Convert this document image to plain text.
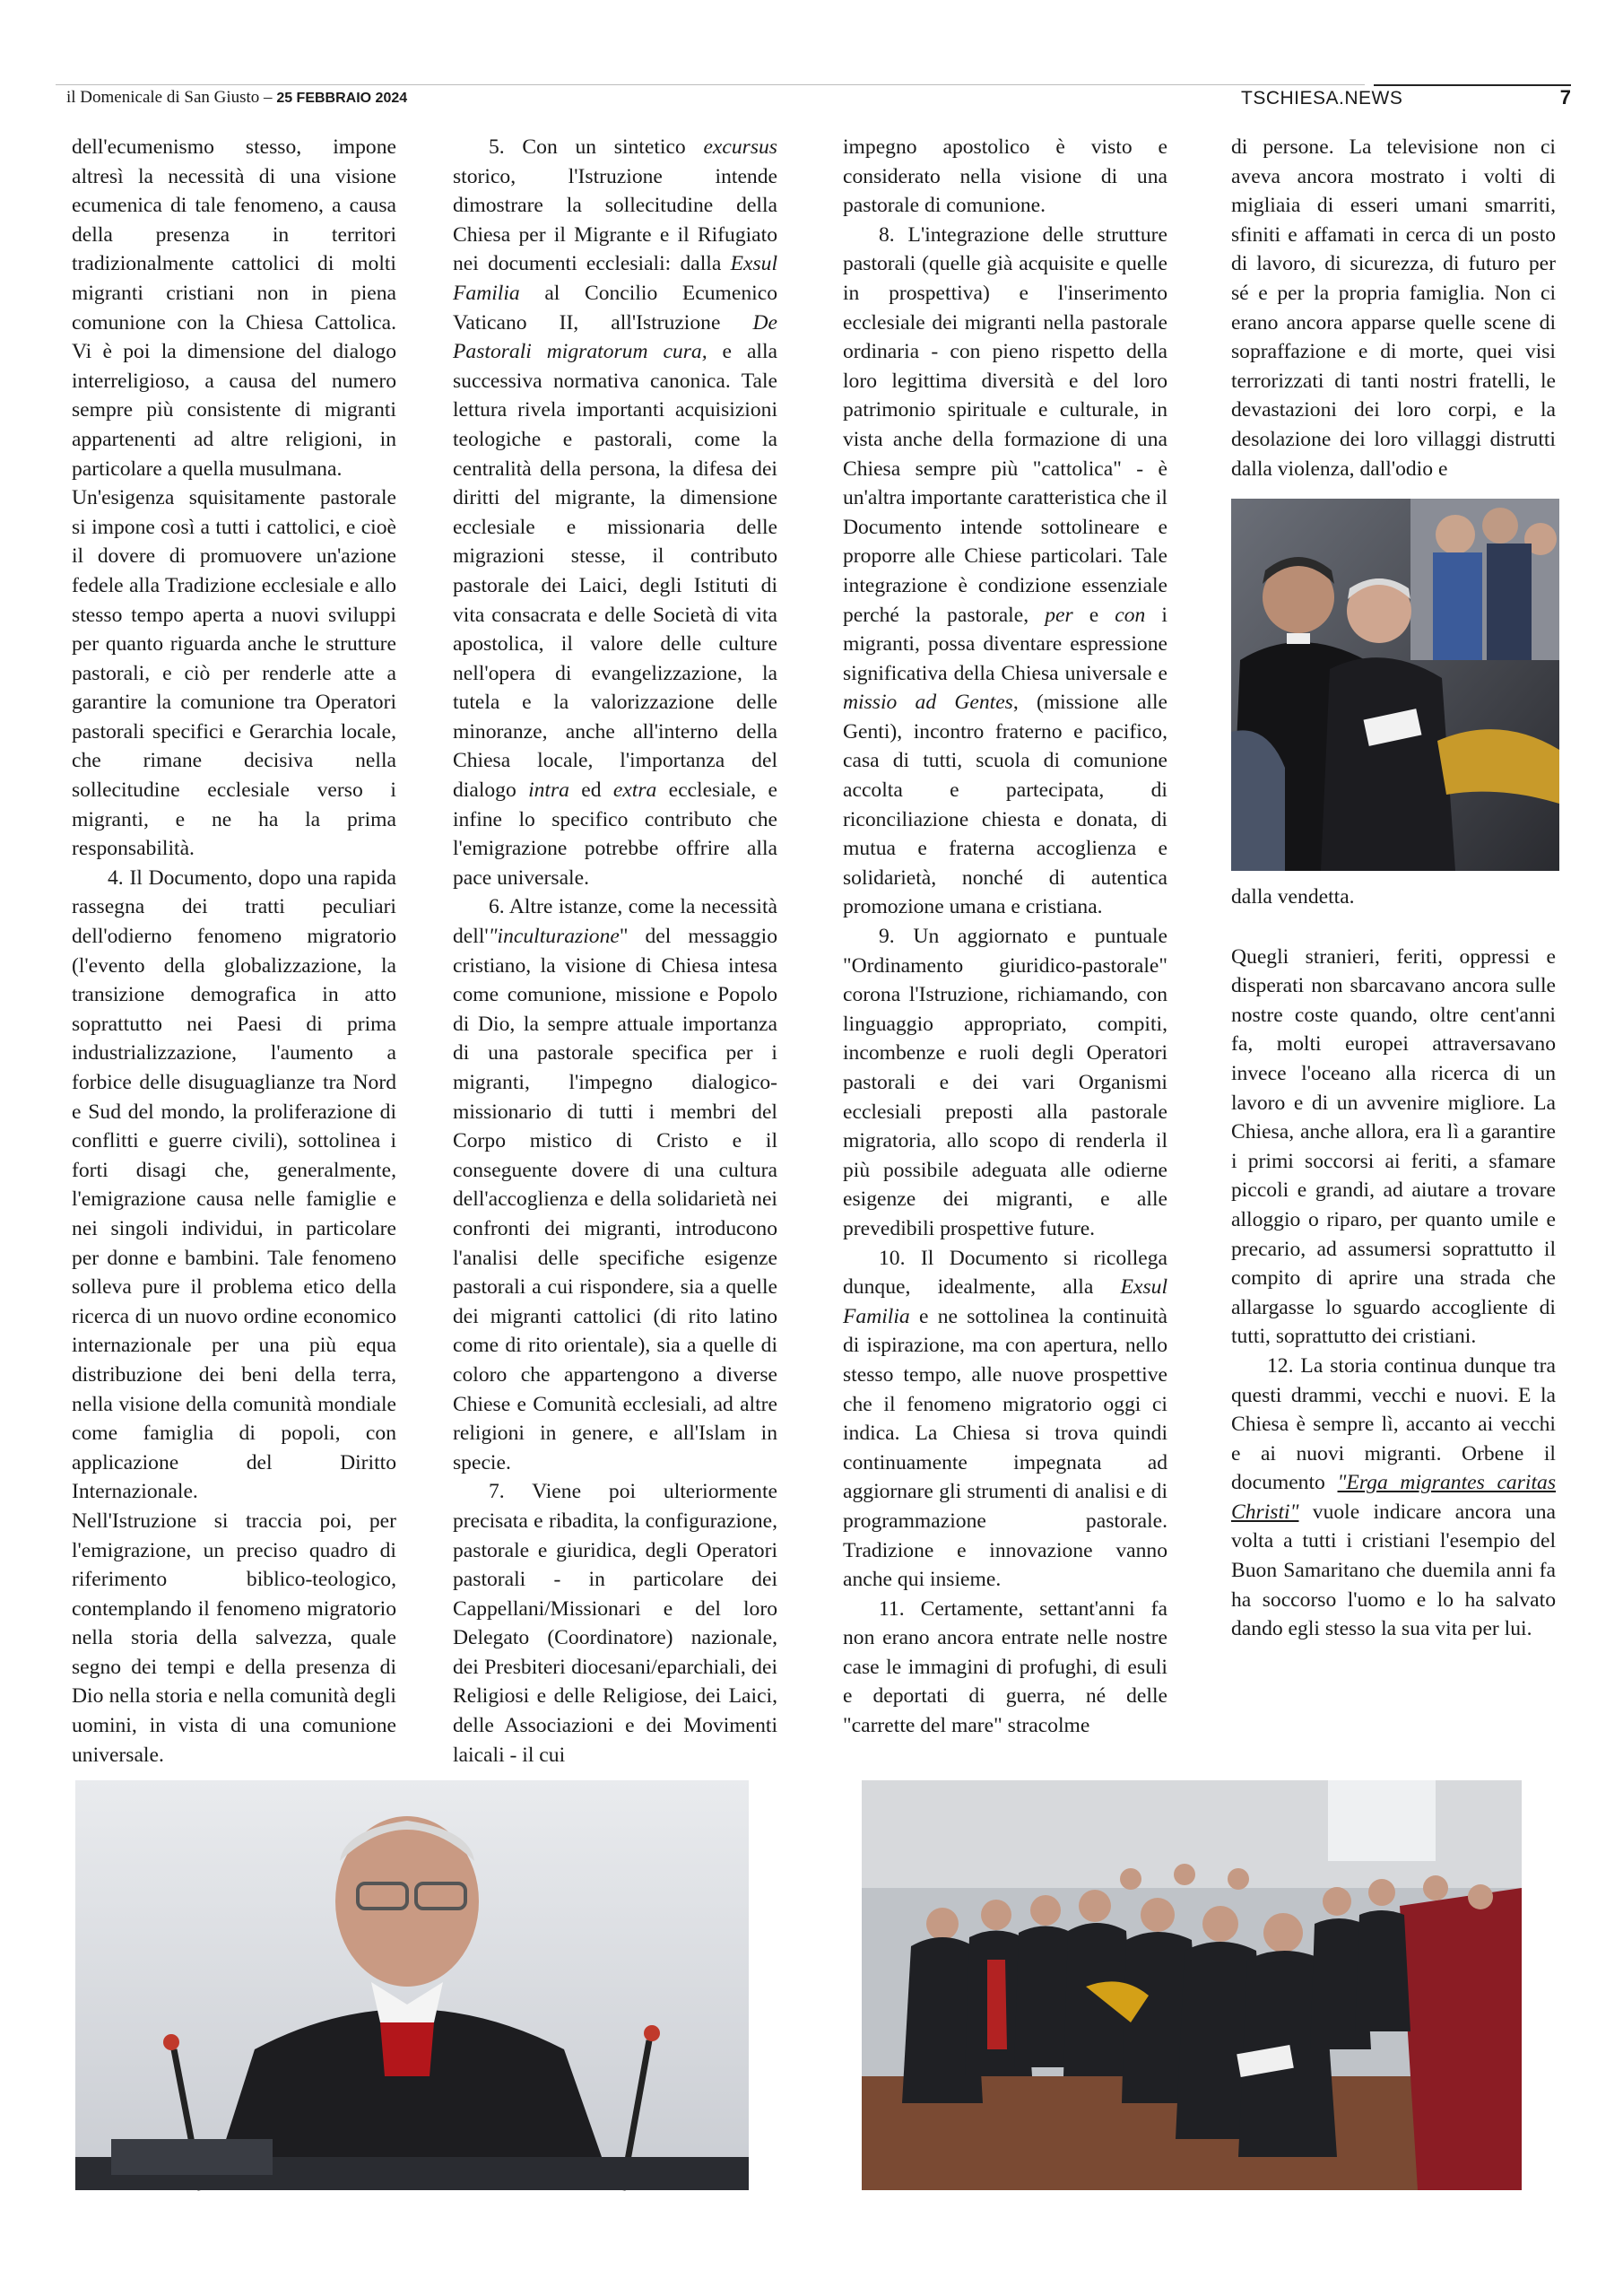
il Domenicale di San Giusto – 25 FEBBRAIO 2024	TSCHIESA.NEWS	7

dell'ecumenismo stesso, impone altresì la necessità di una visione ecumenica di tale fenomeno, a causa della presenza in territori tradizionalmente cattolici di molti migranti cristiani non in piena comunione con la Chiesa Cattolica. Vi è poi la dimensione del dialogo interreligioso, a causa del numero sempre più consistente di migranti appartenenti ad altre religioni, in particolare a quella musulmana.

Un'esigenza squisitamente pastorale si impone così a tutti i cattolici, e cioè il dovere di promuovere un'azione fedele alla Tradizione ecclesiale e allo stesso tempo aperta a nuovi sviluppi per quanto riguarda anche le strutture pastorali, e ciò per renderle atte a garantire la comunione tra Operatori pastorali specifici e Gerarchia locale, che rimane decisiva nella sollecitudine ecclesiale verso i migranti, e ne ha la prima responsabilità.

4. Il Documento, dopo una rapida rassegna dei tratti peculiari dell'odierno fenomeno migratorio (l'evento della globalizzazione, la transizione demografica in atto soprattutto nei Paesi di prima industrializzazione, l'aumento a forbice delle disuguaglianze tra Nord e Sud del mondo, la proliferazione di conflitti e guerre civili), sottolinea i forti disagi che, generalmente, l'emigrazione causa nelle famiglie e nei singoli individui, in particolare per donne e bambini. Tale fenomeno solleva pure il problema etico della ricerca di un nuovo ordine economico internazionale per una più equa distribuzione dei beni della terra, nella visione della comunità mondiale come famiglia di popoli, con applicazione del Diritto Internazionale.

Nell'Istruzione si traccia poi, per l'emigrazione, un preciso quadro di riferimento biblico-teologico, contemplando il fenomeno migratorio nella storia della salvezza, quale segno dei tempi e della presenza di Dio nella storia e nella comunità degli uomini, in vista di una comunione universale.

5. Con un sintetico excursus storico, l'Istruzione intende dimostrare la sollecitudine della Chiesa per il Migrante e il Rifugiato nei documenti ecclesiali: dalla Exsul Familia al Concilio Ecumenico Vaticano II, all'Istruzione De Pastorali migratorum cura, e alla successiva normativa canonica. Tale lettura rivela importanti acquisizioni teologiche e pastorali, come la centralità della persona, la difesa dei diritti del migrante, la dimensione ecclesiale e missionaria delle migrazioni stesse, il contributo pastorale dei Laici, degli Istituti di vita consacrata e delle Società di vita apostolica, il valore delle culture nell'opera di evangelizzazione, la tutela e la valorizzazione delle minoranze, anche all'interno della Chiesa locale, l'importanza del dialogo intra ed extra ecclesiale, e infine lo specifico contributo che l'emigrazione potrebbe offrire alla pace universale.

6. Altre istanze, come la necessità dell'"inculturazione" del messaggio cristiano, la visione di Chiesa intesa come comunione, missione e Popolo di Dio, la sempre attuale importanza di una pastorale specifica per i migranti, l'impegno dialogico-missionario di tutti i membri del Corpo mistico di Cristo e il conseguente dovere di una cultura dell'accoglienza e della solidarietà nei confronti dei migranti, introducono l'analisi delle specifiche esigenze pastorali a cui rispondere, sia a quelle dei migranti cattolici (di rito latino come di rito orientale), sia a quelle di coloro che appartengono a diverse Chiese e Comunità ecclesiali, ad altre religioni in genere, e all'Islam in specie.

7. Viene poi ulteriormente precisata e ribadita, la configurazione, pastorale e giuridica, degli Operatori pastorali - in particolare dei Cappellani/Missionari e del loro Delegato (Coordinatore) nazionale, dei Presbiteri diocesani/eparchiali, dei Religiosi e delle Religiose, dei Laici, delle Associazioni e dei Movimenti laicali - il cui

impegno apostolico è visto e considerato nella visione di una pastorale di comunione.

8. L'integrazione delle strutture pastorali (quelle già acquisite e quelle in prospettiva) e l'inserimento ecclesiale dei migranti nella pastorale ordinaria - con pieno rispetto della loro legittima diversità e del loro patrimonio spirituale e culturale, in vista anche della formazione di una Chiesa sempre più "cattolica" - è un'altra importante caratteristica che il Documento intende sottolineare e proporre alle Chiese particolari. Tale integrazione è condizione essenziale perché la pastorale, per e con i migranti, possa diventare espressione significativa della Chiesa universale e missio ad Gentes, (missione alle Genti), incontro fraterno e pacifico, casa di tutti, scuola di comunione accolta e partecipata, di riconciliazione chiesta e donata, di mutua e fraterna accoglienza e solidarietà, nonché di autentica promozione umana e cristiana.

9. Un aggiornato e puntuale "Ordinamento giuridico-pastorale" corona l'Istruzione, richiamando, con linguaggio appropriato, compiti, incombenze e ruoli degli Operatori pastorali e dei vari Organismi ecclesiali preposti alla pastorale migratoria, allo scopo di renderla il più possibile adeguata alle odierne esigenze dei migranti, e alle prevedibili prospettive future.

10. Il Documento si ricollega dunque, idealmente, alla Exsul Familia e ne sottolinea la continuità di ispirazione, ma con apertura, nello stesso tempo, alle nuove prospettive che il fenomeno migratorio oggi ci indica. La Chiesa si trova quindi continuamente impegnata ad aggiornare gli strumenti di analisi e di programmazione pastorale. Tradizione e innovazione vanno anche qui insieme.

11. Certamente, settant'anni fa non erano ancora entrate nelle nostre case le immagini di profughi, di esuli e deportati di guerra, né delle "carrette del mare" stracolme

di persone. La televisione non ci aveva ancora mostrato i volti di migliaia di esseri umani smarriti, sfiniti e affamati in cerca di un posto di lavoro, di sicurezza, di futuro per sé e per la propria famiglia. Non ci erano ancora apparse quelle scene di sopraffazione e di morte, quei visi terrorizzati di tanti nostri fratelli, le devastazioni dei loro corpi, e la desolazione dei loro villaggi distrutti dalla violenza, dall'odio e

dalla vendetta.

Quegli stranieri, feriti, oppressi e disperati non sbarcavano ancora sulle nostre coste quando, oltre cent'anni fa, molti europei attraversavano invece l'oceano alla ricerca di un lavoro e di un avvenire migliore. La Chiesa, anche allora, era lì a garantire i primi soccorsi ai feriti, a sfamare piccoli e grandi, ad aiutare a trovare alloggio o riparo, per quanto umile e precario, ad assumersi soprattutto il compito di aprire una strada che allargasse lo sguardo accogliente di tutti, soprattutto dei cristiani.

12. La storia continua dunque tra questi drammi, vecchi e nuovi. E la Chiesa è sempre lì, accanto ai vecchi e ai nuovi migranti. Orbene il documento "Erga migrantes caritas Christi" vuole indicare ancora una volta a tutti i cristiani l'esempio del Buon Samaritano che duemila anni fa ha soccorso l'uomo e lo ha salvato dando egli stesso la sua vita per lui.
